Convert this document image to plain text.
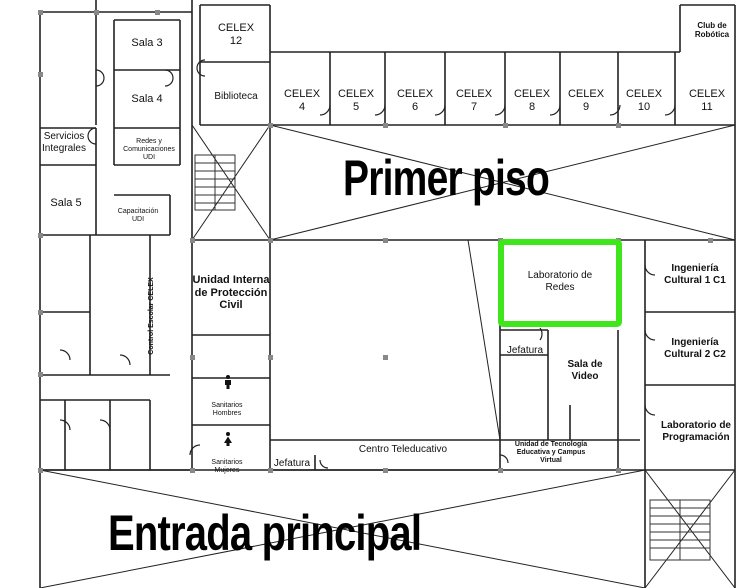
Sala 3
Sala 4
Servicios Integrales
Redes y Comunicaciones UDI
Sala 5
Capacitación UDI
Control Escolar CELEX
CELEX 12
Biblioteca	CELEX 4
CELEX 5
CELEX 6
CELEX 7
CELEX 8
CELEX 9
CELEX 10
CELEX 11
Club de Robótica
Primer piso
Unidad Interna de Protección Civil
Sanitarios Hombres
Sanitarios Mujeres
Jefatura
Centro Teleducativo
Laboratorio de Redes
Jefatura
Sala de Video
Unidad de Tecnología Educativa y Campus Virtual
Ingeniería Cultural 1 C1
Ingeniería Cultural 2 C2
Laboratorio de Programación
Entrada principal
